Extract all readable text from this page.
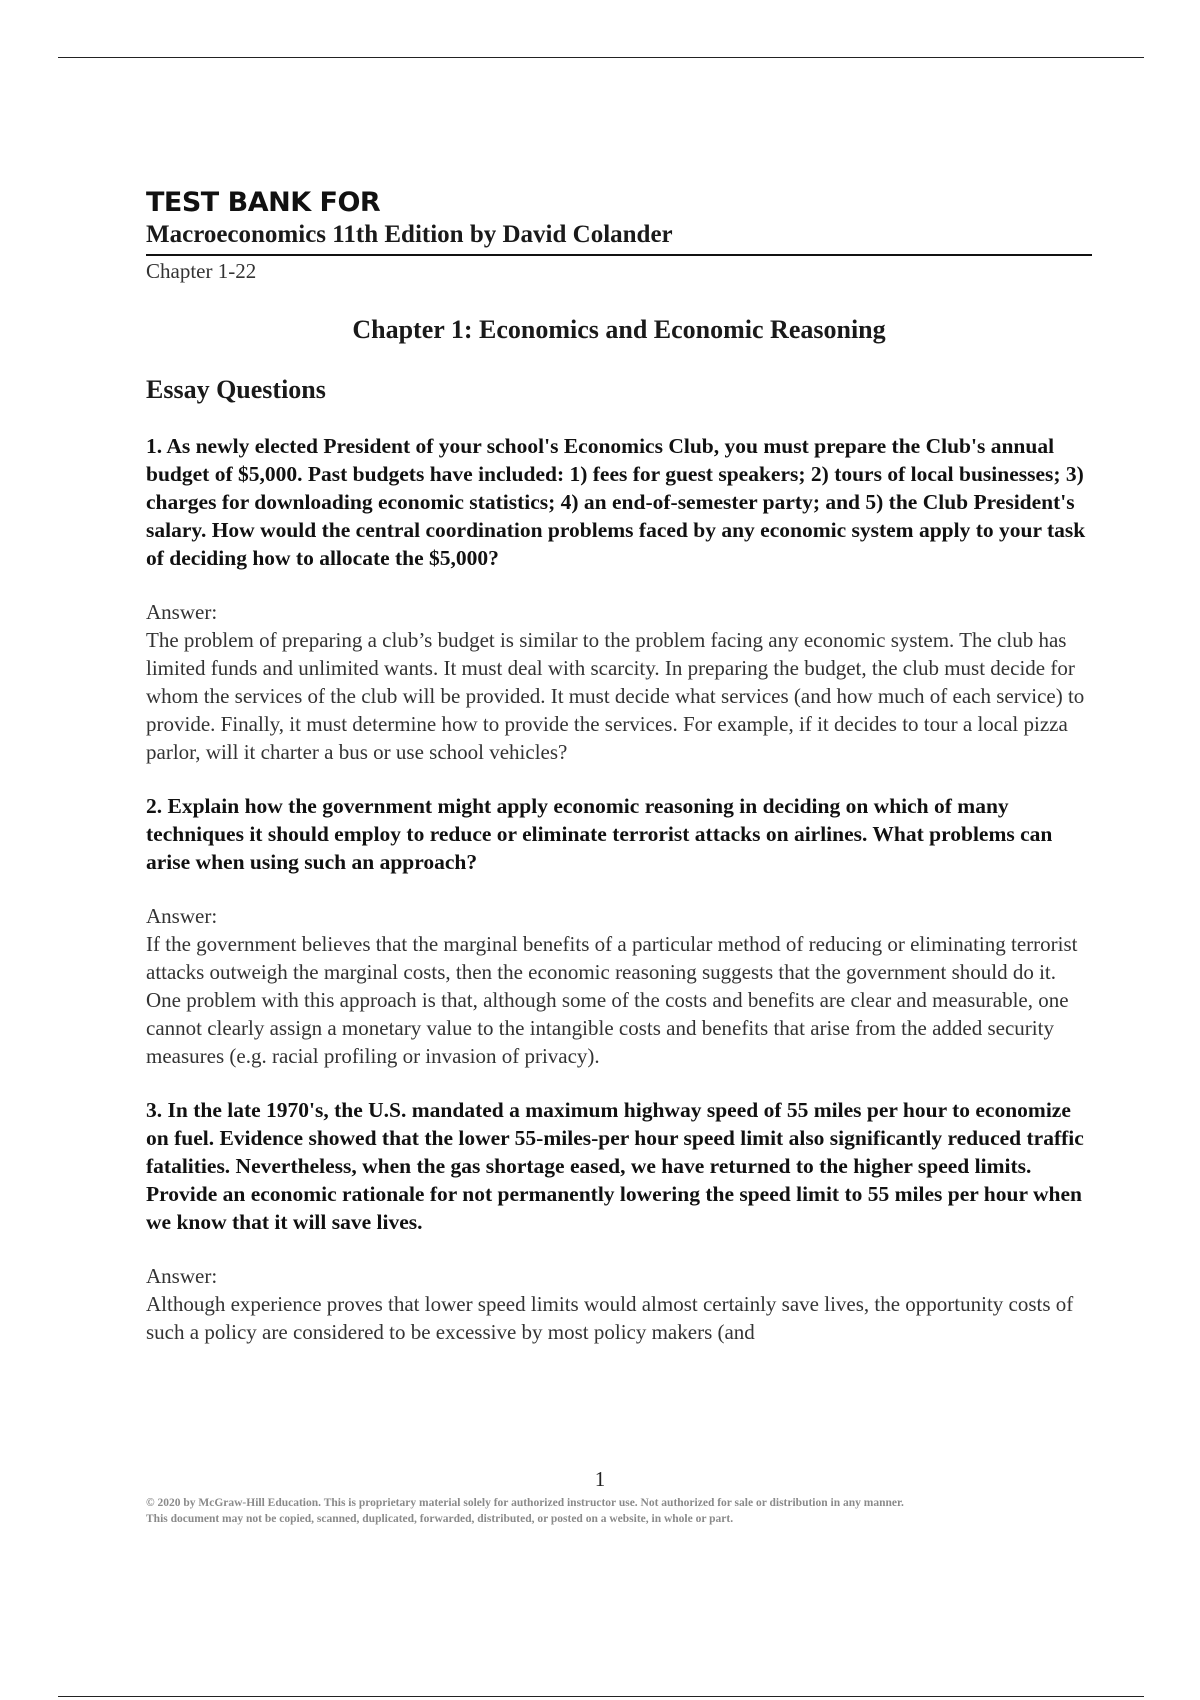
TEST BANK FOR
Macroeconomics 11th Edition by David Colander

Chapter 1-22

Chapter 1: Economics and Economic Reasoning
Essay Questions

1. As newly elected President of your school's Economics Club, you must prepare the Club's annual budget of $5,000. Past budgets have included: 1) fees for guest speakers; 2) tours of local businesses; 3) charges for downloading economic statistics; 4) an end-of-semester party; and 5) the Club President's salary. How would the central coordination problems faced by any economic system apply to your task of deciding how to allocate the $5,000?

Answer:

The problem of preparing a club’s budget is similar to the problem facing any economic system. The club has limited funds and unlimited wants. It must deal with scarcity. In preparing the budget, the club must decide for whom the services of the club will be provided. It must decide what services (and how much of each service) to provide. Finally, it must determine how to provide the services. For example, if it decides to tour a local pizza parlor, will it charter a bus or use school vehicles?

2. Explain how the government might apply economic reasoning in deciding on which of many techniques it should employ to reduce or eliminate terrorist attacks on airlines. What problems can arise when using such an approach?

Answer:

If the government believes that the marginal benefits of a particular method of reducing or eliminating terrorist attacks outweigh the marginal costs, then the economic reasoning suggests that the government should do it. One problem with this approach is that, although some of the costs and benefits are clear and measurable, one cannot clearly assign a monetary value to the intangible costs and benefits that arise from the added security measures (e.g. racial profiling or invasion of privacy).

3. In the late 1970's, the U.S. mandated a maximum highway speed of 55 miles per hour to economize on fuel. Evidence showed that the lower 55-miles-per hour speed limit also significantly reduced traffic fatalities. Nevertheless, when the gas shortage eased, we have returned to the higher speed limits. Provide an economic rationale for not permanently lowering the speed limit to 55 miles per hour when we know that it will save lives.

Answer:

Although experience proves that lower speed limits would almost certainly save lives, the opportunity costs of such a policy are considered to be excessive by most policy makers (and

1

© 2020 by McGraw-Hill Education. This is proprietary material solely for authorized instructor use. Not authorized for sale or distribution in any manner.

This document may not be copied, scanned, duplicated, forwarded, distributed, or posted on a website, in whole or part.
